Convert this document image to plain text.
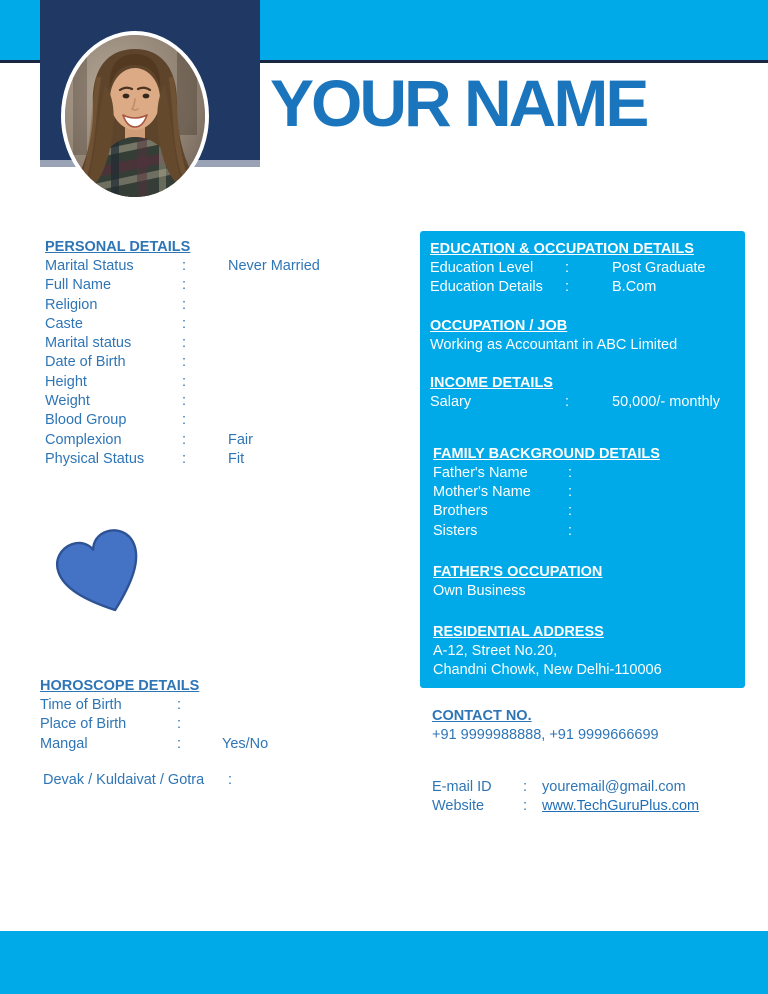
YOUR NAME
PERSONAL DETAILS
Marital Status	:	Never Married
Full Name	:
Religion	:
Caste	:
Marital status	:
Date of Birth	:
Height	:
Weight	:
Blood Group	:
Complexion	:	Fair
Physical Status	:	Fit
HOROSCOPE DETAILS
Time of Birth	:
Place of Birth	:
Mangal	:	Yes/No
Devak / Kuldaivat / Gotra	:
EDUCATION & OCCUPATION DETAILS
Education Level	:	Post Graduate
Education Details	:	B.Com
OCCUPATION / JOB
Working as Accountant in ABC Limited
INCOME DETAILS
Salary	:	50,000/- monthly
FAMILY BACKGROUND DETAILS
Father's Name	:
Mother's Name	:
Brothers	:
Sisters	:
FATHER'S OCCUPATION
Own Business
RESIDENTIAL ADDRESS
A-12, Street No.20,
Chandni Chowk, New Delhi-110006
CONTACT NO.
+91 9999988888, +91 9999666699
E-mail ID	:	youremail@gmail.com
Website	:	www.TechGuruPlus.com
